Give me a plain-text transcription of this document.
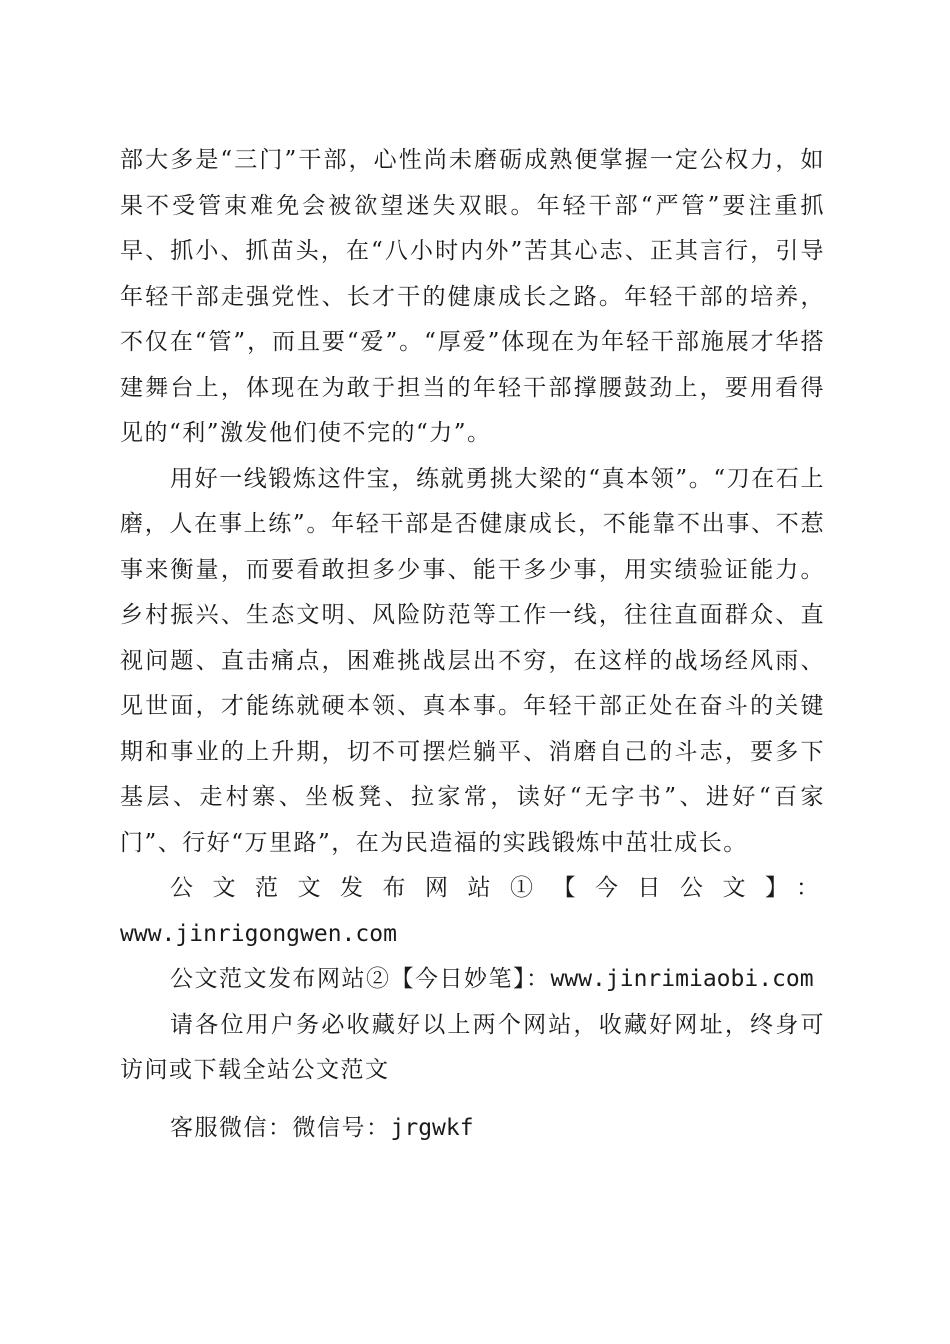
部大多是“三门”干部，心性尚未磨砺成熟便掌握一定公权力，如果不受管束难免会被欲望迷失双眼。年轻干部“严管”要注重抓早、抓小、抓苗头，在“八小时内外”苦其心志、正其言行，引导年轻干部走强党性、长才干的健康成长之路。年轻干部的培养，不仅在“管”，而且要“爱”。“厚爱”体现在为年轻干部施展才华搭建舞台上，体现在为敢于担当的年轻干部撑腰鼓劲上，要用看得见的“利”激发他们使不完的“力”。

用好一线锻炼这件宝，练就勇挑大梁的“真本领”。“刀在石上磨，人在事上练”。年轻干部是否健康成长，不能靠不出事、不惹事来衡量，而要看敢担多少事、能干多少事，用实绩验证能力。乡村振兴、生态文明、风险防范等工作一线，往往直面群众、直视问题、直击痛点，困难挑战层出不穷，在这样的战场经风雨、见世面，才能练就硬本领、真本事。年轻干部正处在奋斗的关键期和事业的上升期，切不可摆烂躺平、消磨自己的斗志，要多下基层、走村寨、坐板凳、拉家常，读好“无字书”、进好“百家门”、行好“万里路”，在为民造福的实践锻炼中茁壮成长。

公文范文发布网站①【今日公文】：

www.jinrigongwen.com

公文范文发布网站②【今日妙笔】：www.jinrimiaobi.com

请各位用户务必收藏好以上两个网站，收藏好网址，终身可访问或下载全站公文范文

客服微信：微信号：jrgwkf
